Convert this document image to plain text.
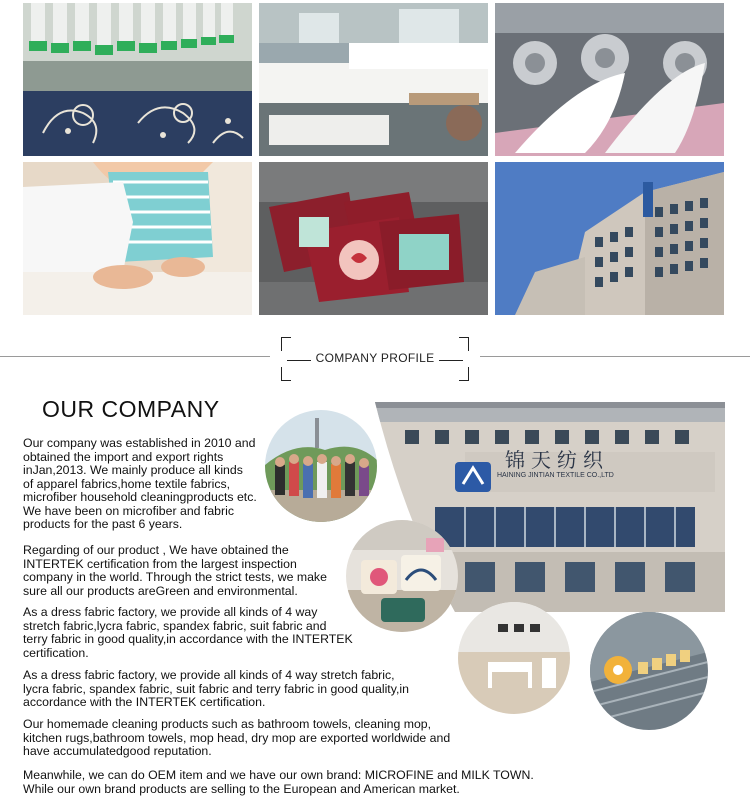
COMPANY PROFILE
OUR COMPANY
锦天纺织
HAINING JINTIAN TEXTILE CO.,LTD
Our company was established in 2010 and
obtained the import and export rights
inJan,2013. We mainly produce all kinds
of apparel fabrics,home textile fabrics,
microfiber household cleaningproducts etc.
We have been on microfiber and fabric
products for the past 6 years.
Regarding of our product , We have obtained the
INTERTEK certification from the largest inspection
company in the world. Through the strict tests, we make
sure all our products areGreen and environmental.
As a dress fabric factory, we provide all kinds of 4 way
stretch fabric,lycra fabric, spandex fabric, suit fabric and
terry fabric in good quality,in accordance with the INTERTEK
certification.
As a dress fabric factory, we provide all kinds of 4 way stretch fabric,
lycra fabric, spandex fabric, suit fabric and terry fabric in good quality,in
accordance with the INTERTEK certification.
Our homemade cleaning products such as bathroom towels, cleaning mop,
kitchen rugs,bathroom towels, mop head, dry mop are exported worldwide and
have accumulatedgood reputation.
Meanwhile, we can do OEM item and we have our own brand: MICROFINE and MILK TOWN.
While our own brand products are selling to the European and American market.
